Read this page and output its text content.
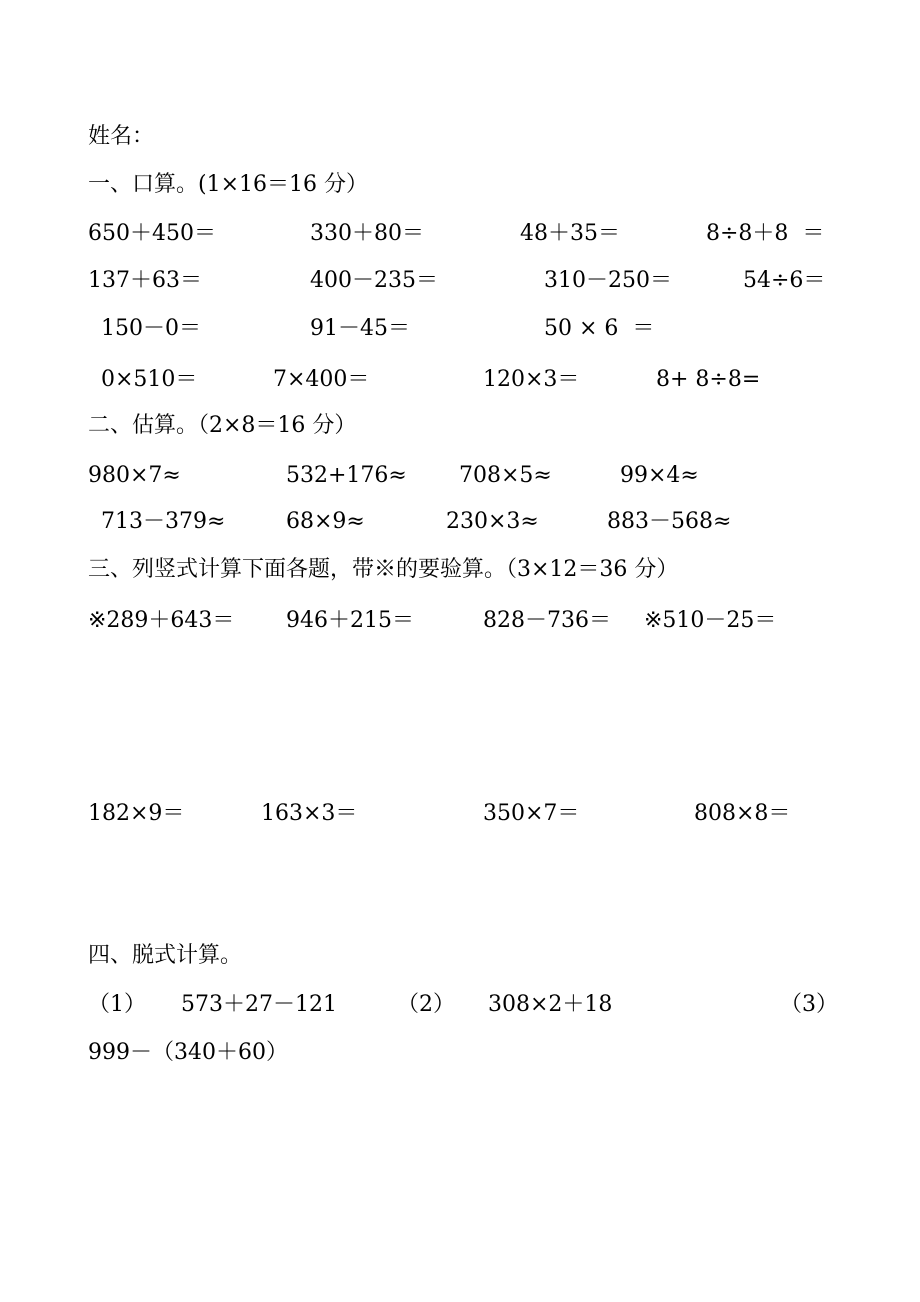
姓名：
一、口算。(1×16＝16 分）
650＋450＝	330＋80＝	48＋35＝	8÷8＋8  ＝
137＋63＝	400－235＝	310－250＝	54÷6＝
150－0＝	91－45＝	50 × 6  ＝
0×510＝	7×400＝	120×3＝	8+ 8÷8=
二、估算。（2×8＝16 分）
980×7≈	532+176≈ 708×5≈	99×4≈
713－379≈	68×9≈	230×3≈	883－568≈
三、列竖式计算下面各题，带※的要验算。（3×12＝36 分）
※289＋643＝ 946＋215＝	828－736＝ ※510－25＝
182×9＝	163×3＝	350×7＝	808×8＝
四、脱式计算。
（1） 573＋27－121	（2） 308×2＋18	（3）
999－（340＋60）
